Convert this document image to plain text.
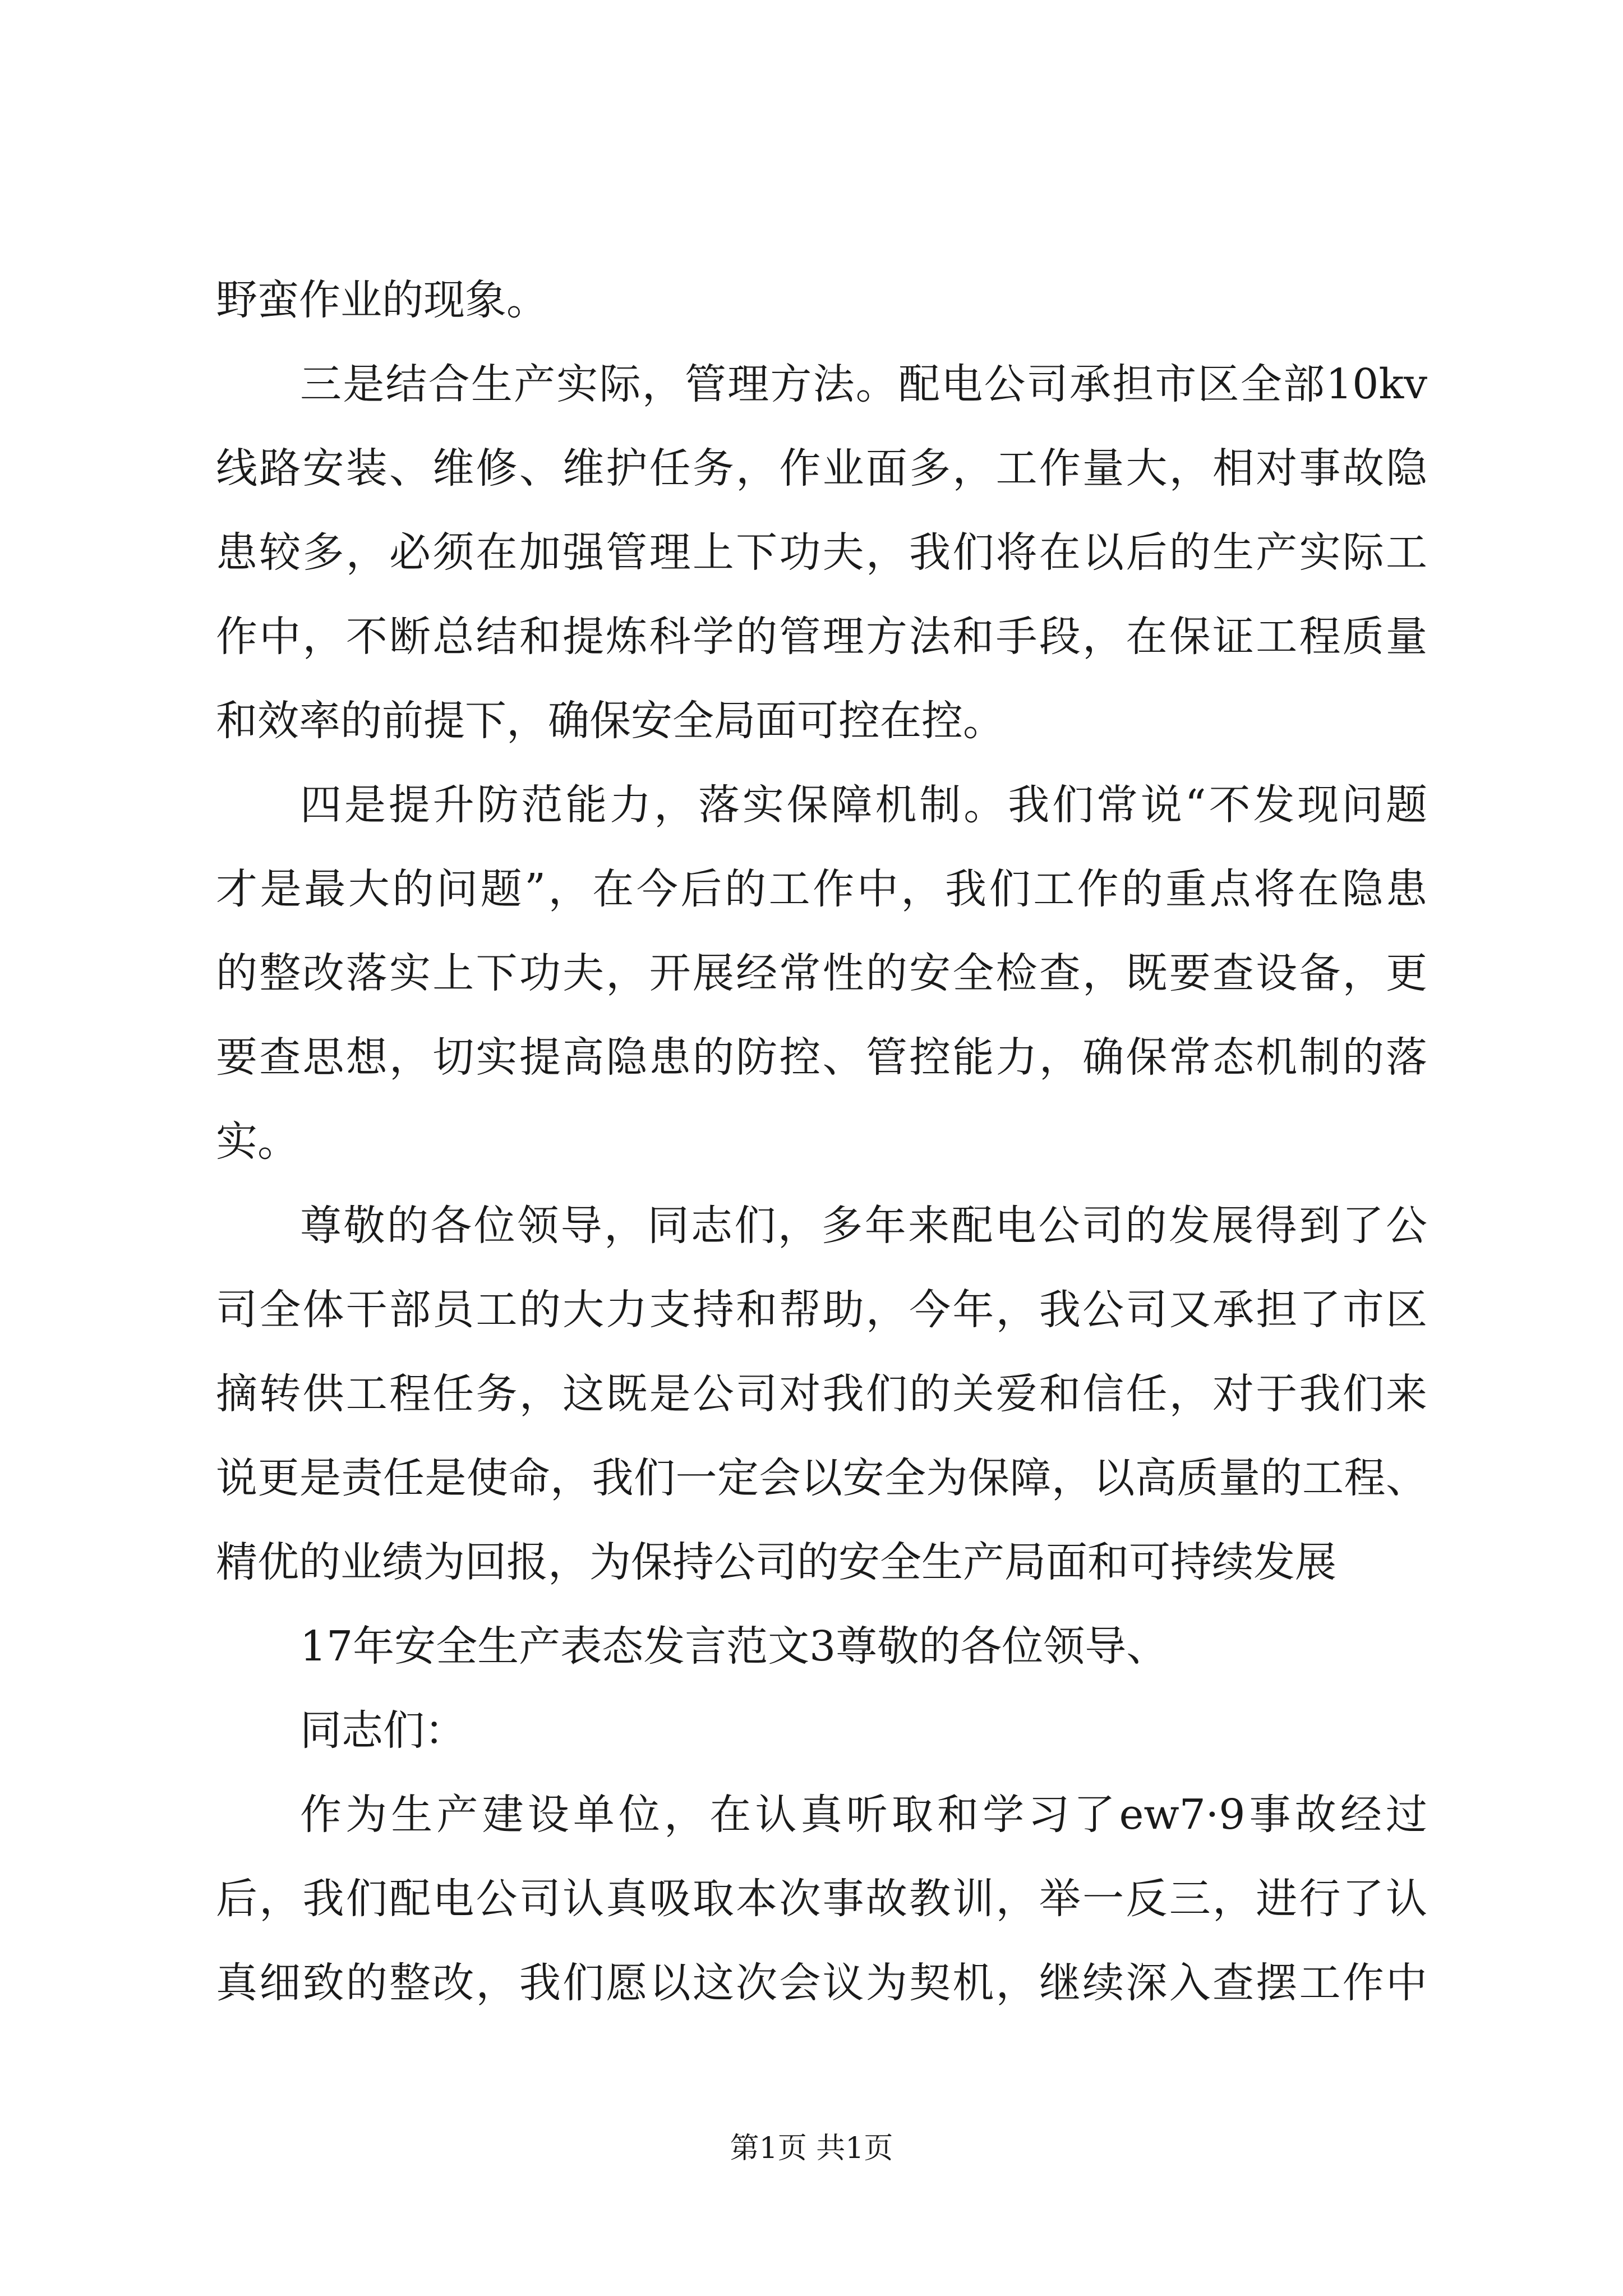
野蛮作业的现象。
三是结合生产实际，管理方法。配电公司承担市区全部10kv
线路安装、维修、维护任务，作业面多，工作量大，相对事故隐
患较多，必须在加强管理上下功夫，我们将在以后的生产实际工
作中，不断总结和提炼科学的管理方法和手段，在保证工程质量
和效率的前提下，确保安全局面可控在控。
四是提升防范能力，落实保障机制。我们常说“不发现问题
才是最大的问题”，在今后的工作中，我们工作的重点将在隐患
的整改落实上下功夫，开展经常性的安全检查，既要查设备，更
要查思想，切实提高隐患的防控、管控能力，确保常态机制的落
实。
尊敬的各位领导，同志们，多年来配电公司的发展得到了公
司全体干部员工的大力支持和帮助，今年，我公司又承担了市区
摘转供工程任务，这既是公司对我们的关爱和信任，对于我们来
说更是责任是使命，我们一定会以安全为保障，以高质量的工程、
精优的业绩为回报，为保持公司的安全生产局面和可持续发展
17年安全生产表态发言范文3尊敬的各位领导、
同志们：
作为生产建设单位，在认真听取和学习了ew7·9事故经过
后，我们配电公司认真吸取本次事故教训，举一反三，进行了认
真细致的整改，我们愿以这次会议为契机，继续深入查摆工作中
第1页 共1页
